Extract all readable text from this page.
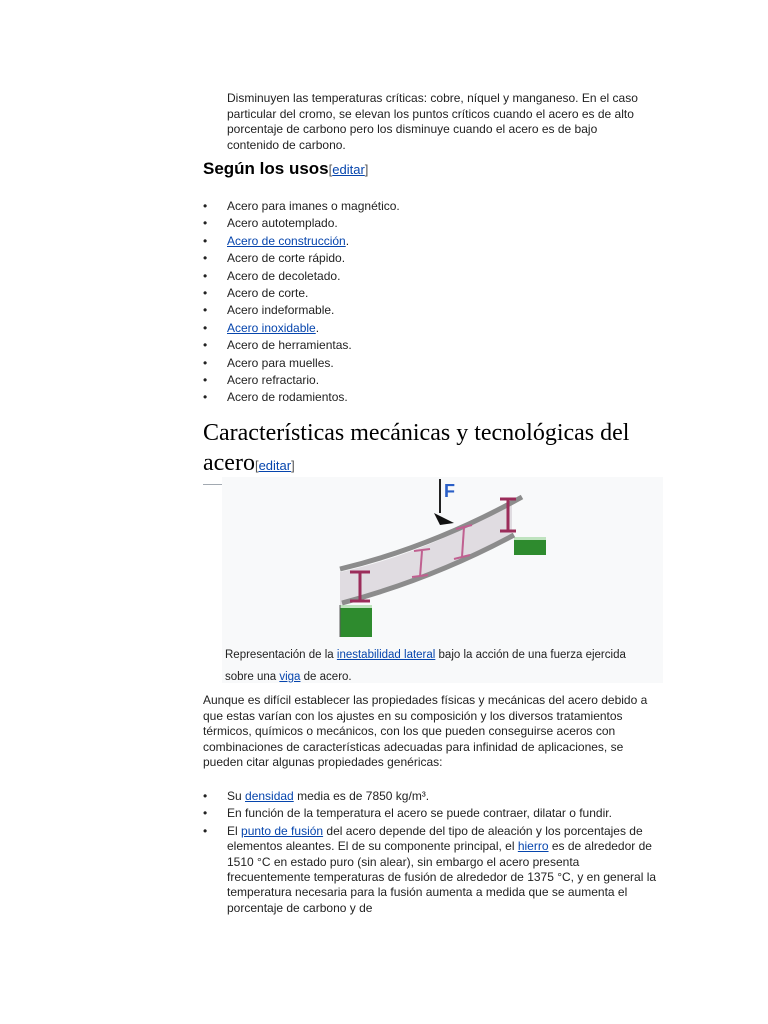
Disminuyen las temperaturas críticas: cobre, níquel y manganeso. En el caso particular del cromo, se elevan los puntos críticos cuando el acero es de alto porcentaje de carbono pero los disminuye cuando el acero es de bajo contenido de carbono.
Según los usos[editar]
• Acero para imanes o magnético.
• Acero autotemplado.
• Acero de construcción.
• Acero de corte rápido.
• Acero de decoletado.
• Acero de corte.
• Acero indeformable.
• Acero inoxidable.
• Acero de herramientas.
• Acero para muelles.
• Acero refractario.
• Acero de rodamientos.
Características mecánicas y tecnológicas del acero[editar]
F
Representación de la inestabilidad lateral bajo la acción de una fuerza ejercida sobre una viga de acero.
Aunque es difícil establecer las propiedades físicas y mecánicas del acero debido a que estas varían con los ajustes en su composición y los diversos tratamientos térmicos, químicos o mecánicos, con los que pueden conseguirse aceros con combinaciones de características adecuadas para infinidad de aplicaciones, se pueden citar algunas propiedades genéricas:
• Su densidad media es de 7850 kg/m³.
• En función de la temperatura el acero se puede contraer, dilatar o fundir.
• El punto de fusión del acero depende del tipo de aleación y los porcentajes de elementos aleantes. El de su componente principal, el hierro es de alrededor de 1510 °C en estado puro (sin alear), sin embargo el acero presenta frecuentemente temperaturas de fusión de alrededor de 1375 °C, y en general la temperatura necesaria para la fusión aumenta a medida que se aumenta el porcentaje de carbono y de
